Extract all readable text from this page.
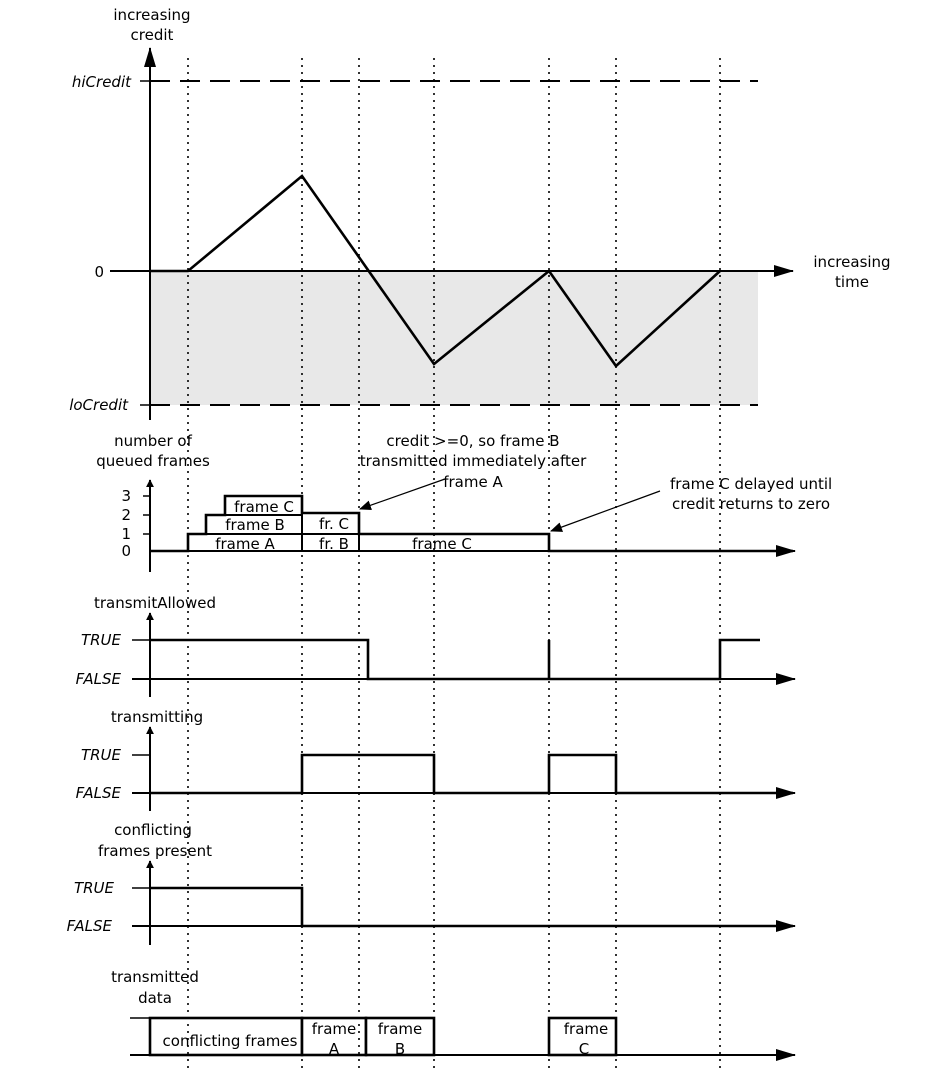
increasing
credit
hiCredit
0
loCredit
increasing
time
number of
queued frames
3
2
1
0
frame C
frame B
frame A
fr. C
fr. B	frame C
credit >=0, so frame B
transmitted immediately after
frame A	frame C delayed until
credit returns to zero
transmitAllowed
TRUE
FALSE
transmitting
TRUE
FALSE
conflicting
frames present
TRUE
FALSE
transmitted
data
conflicting frames
frame
A
frame
B
frame
C
